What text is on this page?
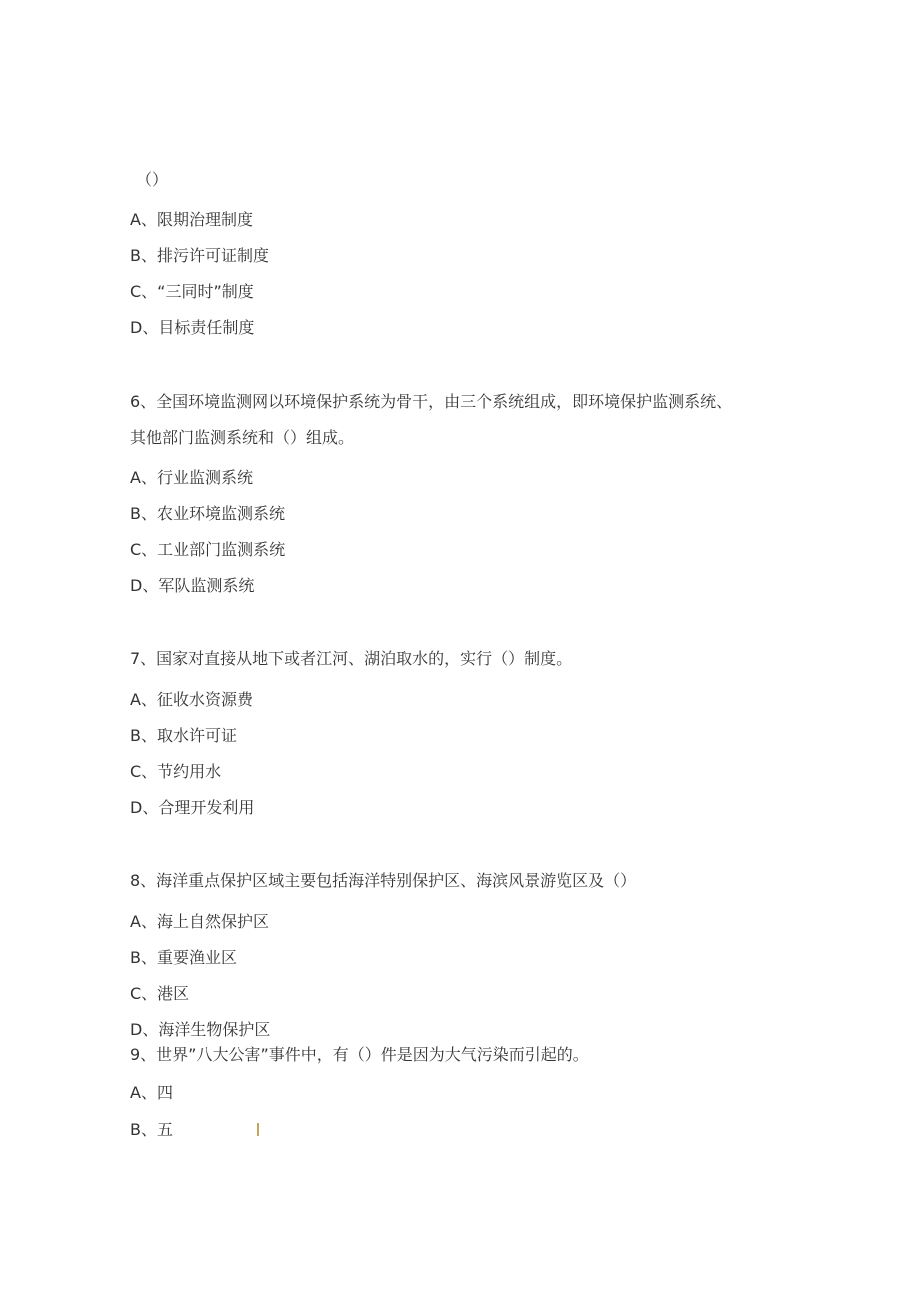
（）
A、限期治理制度
B、排污许可证制度
C、“三同时”制度
D、目标责任制度
6、全国环境监测网以环境保护系统为骨干，由三个系统组成，即环境保护监测系统、
其他部门监测系统和（）组成。
A、行业监测系统
B、农业环境监测系统
C、工业部门监测系统
D、军队监测系统
7、国家对直接从地下或者江河、湖泊取水的，实行（）制度。
A、征收水资源费
B、取水许可证
C、节约用水
D、合理开发利用
8、海洋重点保护区域主要包括海洋特别保护区、海滨风景游览区及（）
A、海上自然保护区
B、重要渔业区
C、港区
D、海洋生物保护区
9、世界”八大公害”事件中，有（）件是因为大气污染而引起的。
A、四
B、五
